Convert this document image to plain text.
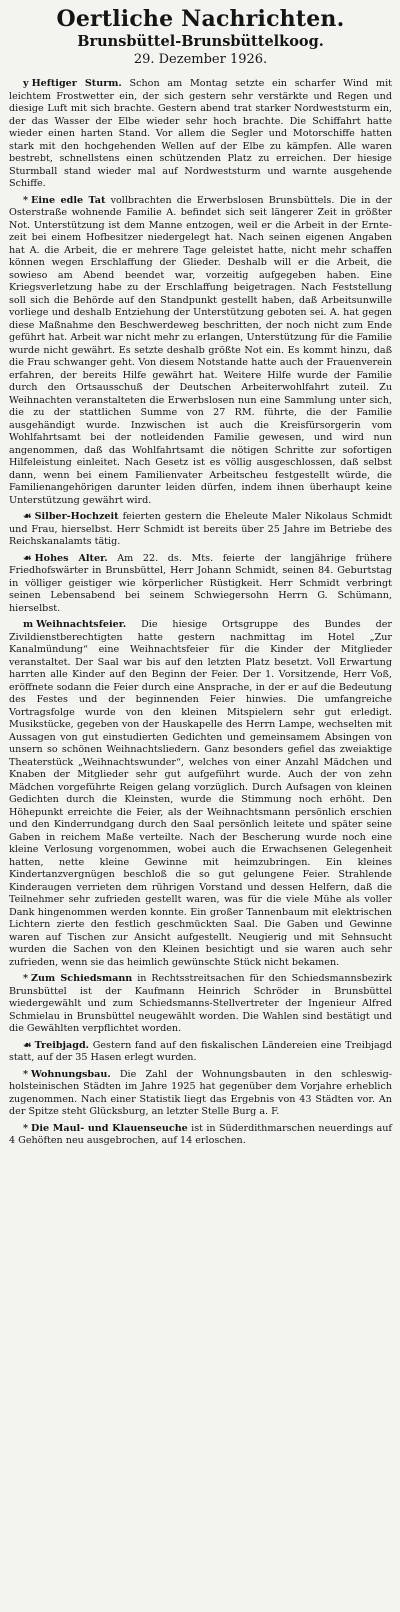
Oertliche Nachrichten.
Brunsbüttel-Brunsbüttelkoog.
29. Dezember 1926.

y Heftiger Sturm. Schon am Montag setzte ein scharfer Wind mit leichtem Frostwetter ein, der sich gestern sehr verstärkte und Regen und diesige Luft mit sich brachte. Gestern abend trat starker Nordweststurm ein, der das Wasser der Elbe wieder sehr hoch brachte. Die Schiffahrt hatte wieder einen harten Stand. Vor allem die Segler und Motorschiffe hatten stark mit den hochgehenden Wellen auf der Elbe zu kämpfen. Alle waren bestrebt, schnellstens einen schützenden Platz zu erreichen. Der hiesige Sturmball stand wieder mal auf Nordweststurm und warnte ausgehende Schiffe.

* Eine edle Tat vollbrachten die Erwerbslosen Brunsbüttels. Die in der Osterstraße wohnende Familie A. befindet sich seit längerer Zeit in größter Not. Unterstützung ist dem Manne entzogen, weil er die Arbeit in der Erntezeit bei einem Hofbesitzer niedergelegt hat. Nach seinen eigenen Angaben hat A. die Arbeit, die er mehrere Tage geleistet hatte, nicht mehr schaffen können wegen Erschlaffung der Glieder. Deshalb will er die Arbeit, die sowieso am Abend beendet war, vorzeitig aufgegeben haben. Eine Kriegsverletzung habe zu der Erschlaffung beigetragen. Nach Feststellung soll sich die Behörde auf den Standpunkt gestellt haben, daß Arbeitsunwille vorliege und deshalb Entziehung der Unterstützung geboten sei. A. hat gegen diese Maßnahme den Beschwerdeweg beschritten, der noch nicht zum Ende geführt hat. Arbeit war nicht mehr zu erlangen, Unterstützung für die Familie wurde nicht gewährt. Es setzte deshalb größte Not ein. Es kommt hinzu, daß die Frau schwanger geht. Von diesem Notstande hatte auch der Frauenverein erfahren, der bereits Hilfe gewährt hat. Weitere Hilfe wurde der Familie durch den Ortsausschuß der Deutschen Arbeiterwohlfahrt zuteil. Zu Weihnachten veranstalteten die Erwerbslosen nun eine Sammlung unter sich, die zu der stattlichen Summe von 27 RM. führte, die der Familie ausgehändigt wurde. Inzwischen ist auch die Kreisfürsorgerin vom Wohlfahrtsamt bei der notleidenden Familie gewesen, und wird nun angenommen, daß das Wohlfahrtsamt die nötigen Schritte zur sofortigen Hilfeleistung einleitet. Nach Gesetz ist es völlig ausgeschlossen, daß selbst dann, wenn bei einem Familienvater Arbeitscheu festgestellt würde, die Familienangehörigen darunter leiden dürfen, indem ihnen überhaupt keine Unterstützung gewährt wird.

☙ Silber-Hochzeit feierten gestern die Eheleute Maler Nikolaus Schmidt und Frau, hierselbst. Herr Schmidt ist bereits über 25 Jahre im Betriebe des Reichskanalamts tätig.

☙ Hohes Alter. Am 22. ds. Mts. feierte der langjährige frühere Friedhofswärter in Brunsbüttel, Herr Johann Schmidt, seinen 84. Geburtstag in völliger geistiger wie körperlicher Rüstigkeit. Herr Schmidt verbringt seinen Lebensabend bei seinem Schwiegersohn Herrn G. Schümann, hierselbst.

m Weihnachtsfeier. Die hiesige Ortsgruppe des Bundes der Zivildienstberechtigten hatte gestern nachmittag im Hotel „Zur Kanalmündung“ eine Weihnachtsfeier für die Kinder der Mitglieder veranstaltet. Der Saal war bis auf den letzten Platz besetzt. Voll Erwartung harrten alle Kinder auf den Beginn der Feier. Der 1. Vorsitzende, Herr Voß, eröffnete sodann die Feier durch eine Ansprache, in der er auf die Bedeutung des Festes und der beginnenden Feier hinwies. Die umfangreiche Vortragsfolge wurde von den kleinen Mitspielern sehr gut erledigt. Musikstücke, gegeben von der Hauskapelle des Herrn Lampe, wechselten mit Aussagen von gut einstudierten Gedichten und gemeinsamem Absingen von unsern so schönen Weihnachtsliedern. Ganz besonders gefiel das zweiaktige Theaterstück „Weihnachtswunder“, welches von einer Anzahl Mädchen und Knaben der Mitglieder sehr gut aufgeführt wurde. Auch der von zehn Mädchen vorgeführte Reigen gelang vorzüglich. Durch Aufsagen von kleinen Gedichten durch die Kleinsten, wurde die Stimmung noch erhöht. Den Höhepunkt erreichte die Feier, als der Weihnachtsmann persönlich erschien und den Kinderrundgang durch den Saal persönlich leitete und später seine Gaben in reichem Maße verteilte. Nach der Bescherung wurde noch eine kleine Verlosung vorgenommen, wobei auch die Erwachsenen Gelegenheit hatten, nette kleine Gewinne mit heimzubringen. Ein kleines Kindertanzvergnügen beschloß die so gut gelungene Feier. Strahlende Kinderaugen verrieten dem rührigen Vorstand und dessen Helfern, daß die Teilnehmer sehr zufrieden gestellt waren, was für die viele Mühe als voller Dank hingenommen werden konnte. Ein großer Tannenbaum mit elektrischen Lichtern zierte den festlich geschmückten Saal. Die Gaben und Gewinne waren auf Tischen zur Ansicht aufgestellt. Neugierig und mit Sehnsucht wurden die Sachen von den Kleinen besichtigt und sie waren auch sehr zufrieden, wenn sie das heimlich gewünschte Stück nicht bekamen.

* Zum Schiedsmann in Rechtsstreitsachen für den Schiedsmannsbezirk Brunsbüttel ist der Kaufmann Heinrich Schröder in Brunsbüttel wiedergewählt und zum Schiedsmanns-Stellvertreter der Ingenieur Alfred Schmielau in Brunsbüttel neugewählt worden. Die Wahlen sind bestätigt und die Gewählten verpflichtet worden.

☙ Treibjagd. Gestern fand auf den fiskalischen Ländereien eine Treibjagd statt, auf der 35 Hasen erlegt wurden.

* Wohnungsbau. Die Zahl der Wohnungsbauten in den schleswig-holsteinischen Städten im Jahre 1925 hat gegenüber dem Vorjahre erheblich zugenommen. Nach einer Statistik liegt das Ergebnis von 43 Städten vor. An der Spitze steht Glücksburg, an letzter Stelle Burg a. F.

* Die Maul- und Klauenseuche ist in Süderdithmarschen neuerdings auf 4 Gehöften neu ausgebrochen, auf 14 erloschen.
